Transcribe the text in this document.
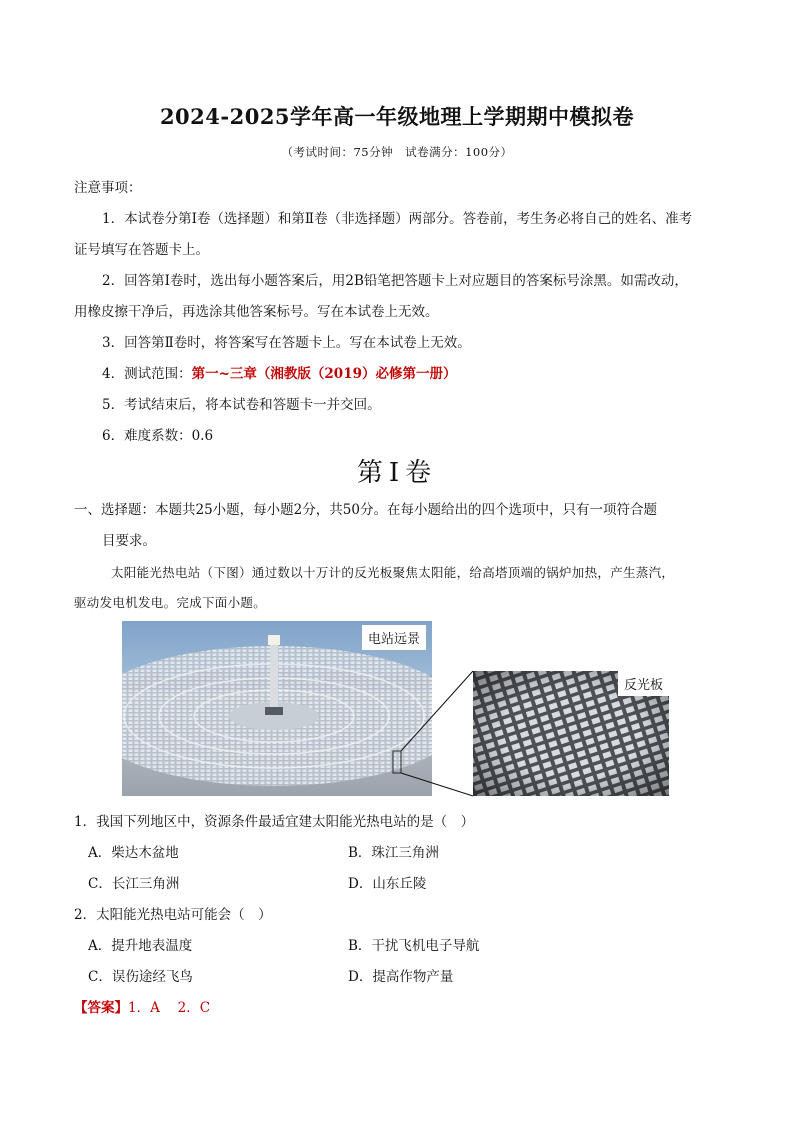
2024-2025学年高一年级地理上学期期中模拟卷
（考试时间：75分钟　试卷满分：100分）
注意事项：
1．本试卷分第Ⅰ卷（选择题）和第Ⅱ卷（非选择题）两部分。答卷前，考生务必将自己的姓名、准考
证号填写在答题卡上。
2．回答第Ⅰ卷时，选出每小题答案后，用2B铅笔把答题卡上对应题目的答案标号涂黑。如需改动，
用橡皮擦干净后，再选涂其他答案标号。写在本试卷上无效。
3．回答第Ⅱ卷时，将答案写在答题卡上。写在本试卷上无效。
4．测试范围：第一~三章（湘教版（2019）必修第一册）
5．考试结束后，将本试卷和答题卡一并交回。
6．难度系数：0.6
第Ⅰ卷
一、选择题：本题共25小题，每小题2分，共50分。在每小题给出的四个选项中，只有一项符合题
目要求。
太阳能光热电站（下图）通过数以十万计的反光板聚焦太阳能，给高塔顶端的锅炉加热，产生蒸汽，
驱动发电机发电。完成下面小题。
电站远景
反光板
1．我国下列地区中，资源条件最适宜建太阳能光热电站的是（　）
A．柴达木盆地	B．珠江三角洲
C．长江三角洲	D．山东丘陵
2．太阳能光热电站可能会（　）
A．提升地表温度	B．干扰飞机电子导航
C．误伤途经飞鸟	D．提高作物产量
【答案】1．A　 2．C
